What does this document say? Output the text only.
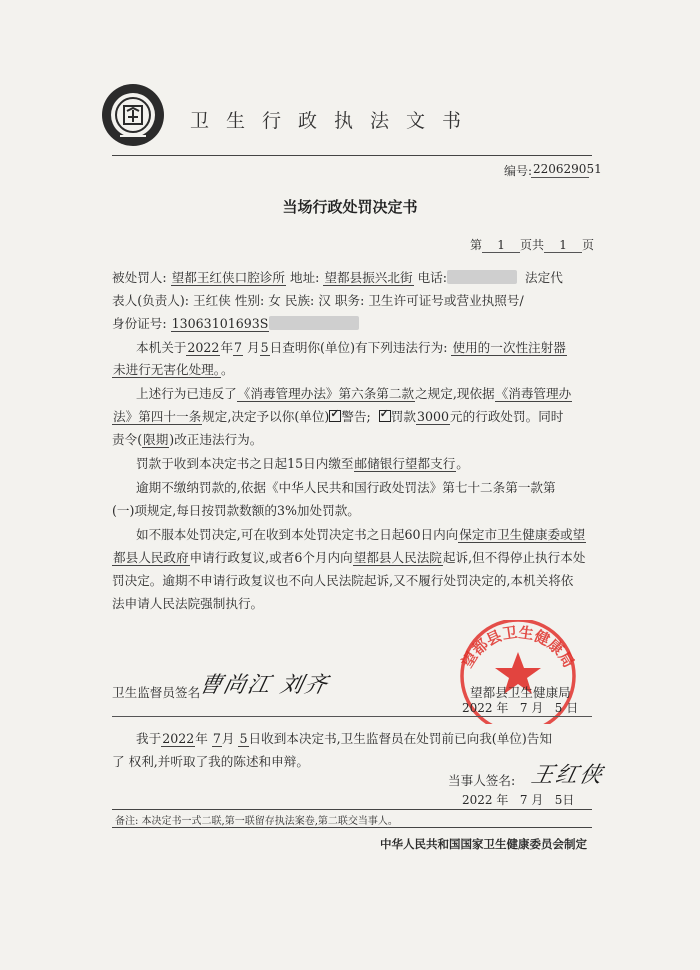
卫生行政执法文书
编号: 220629051
当场行政处罚决定书
第 1 页共 1 页
被处罚人: 望都王红侠口腔诊所 地址: 望都县振兴北街 电话:	法定代
表人(负责人): 王红侠 性别: 女 民族: 汉 职务: 卫生许可证号或营业执照号/
身份证号: 13063101693S
本机关于2022年7 月5日查明你(单位)有下列违法行为: 使用的一次性注射器
未进行无害化处理。。
上述行为已违反了《消毒管理办法》第六条第二款之规定,现依据《消毒管理办
法》第四十一条规定,决定予以你(单位) ✓ 警告; ✓ 罚款3000元的行政处罚。同时
责令(限期)改正违法行为。
罚款于收到本决定书之日起15日内缴至邮储银行望都支行。
逾期不缴纳罚款的,依据《中华人民共和国行政处罚法》第七十二条第一款第
(一)项规定,每日按罚款数额的3%加处罚款。
如不服本处罚决定,可在收到本处罚决定书之日起60日内向保定市卫生健康委或望
都县人民政府申请行政复议,或者6个月内向望都县人民法院起诉,但不得停止执行本处
罚决定。逾期不申请行政复议也不向人民法院起诉,又不履行处罚决定的,本机关将依
法申请人民法院强制执行。
望都县卫生健康局
卫生监督员签名
曹尚江 刘齐	望都县卫生健康局
2022 年 7 月 5 日
我于2022年 7月 5日收到本决定书,卫生监督员在处罚前已向我(单位)告知
了 权利,并听取了我的陈述和申辩。
当事人签名: 王红侠
2022 年 7 月 5日
备注: 本决定书一式二联,第一联留存执法案卷,第二联交当事人。
中华人民共和国国家卫生健康委员会制定
